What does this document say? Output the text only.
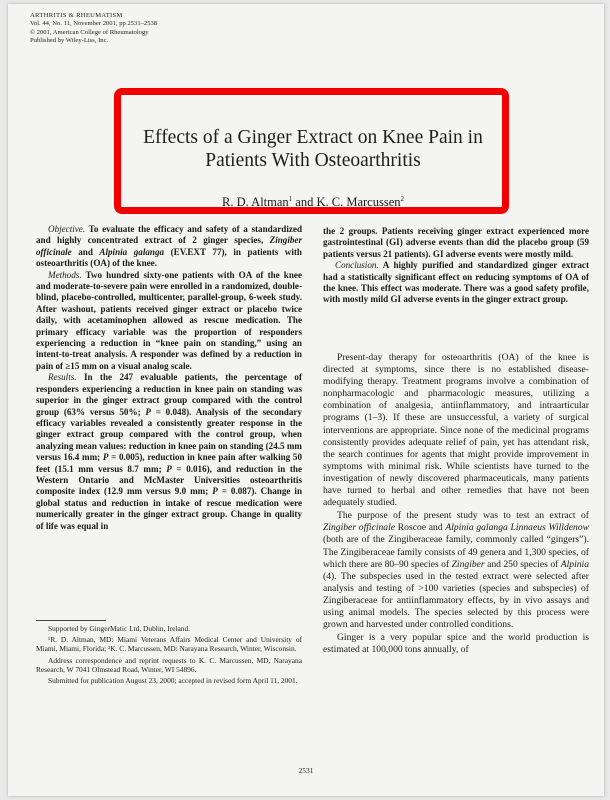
ARTHRITIS & RHEUMATISM
Vol. 44, No. 11, November 2001, pp 2531–2538
© 2001, American College of Rheumatology
Published by Wiley-Liss, Inc.
Effects of a Ginger Extract on Knee Pain in
Patients With Osteoarthritis
R. D. Altman$^1$ and K. C. Marcussen$^2$

Objective. To evaluate the efficacy and safety of a standardized and highly concentrated extract of 2 ginger species, Zingiber officinale and Alpinia galanga (EV.EXT 77), in patients with osteoarthritis (OA) of the knee.

Methods. Two hundred sixty-one patients with OA of the knee and moderate-to-severe pain were enrolled in a randomized, double-blind, placebo-controlled, multicenter, parallel-group, 6-week study. After washout, patients received ginger extract or placebo twice daily, with acetaminophen allowed as rescue medication. The primary efficacy variable was the proportion of responders experiencing a reduction in “knee pain on standing,” using an intent-to-treat analysis. A responder was defined by a reduction in pain of ≥15 mm on a visual analog scale.

Results. In the 247 evaluable patients, the percentage of responders experiencing a reduction in knee pain on standing was superior in the ginger extract group compared with the control group (63% versus 50%; P = 0.048). Analysis of the secondary efficacy variables revealed a consistently greater response in the ginger extract group compared with the control group, when analyzing mean values: reduction in knee pain on standing (24.5 mm versus 16.4 mm; P = 0.005), reduction in knee pain after walking 50 feet (15.1 mm versus 8.7 mm; P = 0.016), and reduction in the Western Ontario and McMaster Universities osteoarthritis composite index (12.9 mm versus 9.0 mm; P = 0.087). Change in global status and reduction in intake of rescue medication were numerically greater in the ginger extract group. Change in quality of life was equal in

the 2 groups. Patients receiving ginger extract experienced more gastrointestinal (GI) adverse events than did the placebo group (59 patients versus 21 patients). GI adverse events were mostly mild.

Conclusion. A highly purified and standardized ginger extract had a statistically significant effect on reducing symptoms of OA of the knee. This effect was moderate. There was a good safety profile, with mostly mild GI adverse events in the ginger extract group.

Present-day therapy for osteoarthritis (OA) of the knee is directed at symptoms, since there is no established disease-modifying therapy. Treatment programs involve a combination of nonpharmacologic and pharmacologic measures, utilizing a combination of analgesia, antiinflammatory, and intraarticular programs (1–3). If these are unsuccessful, a variety of surgical interventions are appropriate. Since none of the medicinal programs consistently provides adequate relief of pain, yet has attendant risk, the search continues for agents that might provide improvement in symptoms with minimal risk. While scientists have turned to the investigation of newly discovered pharmaceuticals, many patients have turned to herbal and other remedies that have not been adequately studied.

The purpose of the present study was to test an extract of Zingiber officinale Roscoe and Alpinia galanga Linnaeus Willdenow (both are of the Zingiberaceae family, commonly called “gingers”). The Zingiberaceae family consists of 49 genera and 1,300 species, of which there are 80–90 species of Zingiber and 250 species of Alpinia (4). The subspecies used in the tested extract were selected after analysis and testing of >100 varieties (species and subspecies) of Zingiberaceae for antiinflammatory effects, by in vivo assays and using animal models. The species selected by this process were grown and harvested under controlled conditions.

Ginger is a very popular spice and the world production is estimated at 100,000 tons annually, of

Supported by GingerMatic Ltd, Dublin, Ireland.

¹R. D. Altman, MD: Miami Veterans Affairs Medical Center and University of Miami, Miami, Florida; ²K. C. Marcussen, MD: Narayana Research, Winter, Wisconsin.

Address correspondence and reprint requests to K. C. Marcussen, MD, Narayana Research, W 7041 Olmstead Road, Winter, WI 54896.

Submitted for publication August 23, 2000; accepted in revised form April 11, 2001.

2531
